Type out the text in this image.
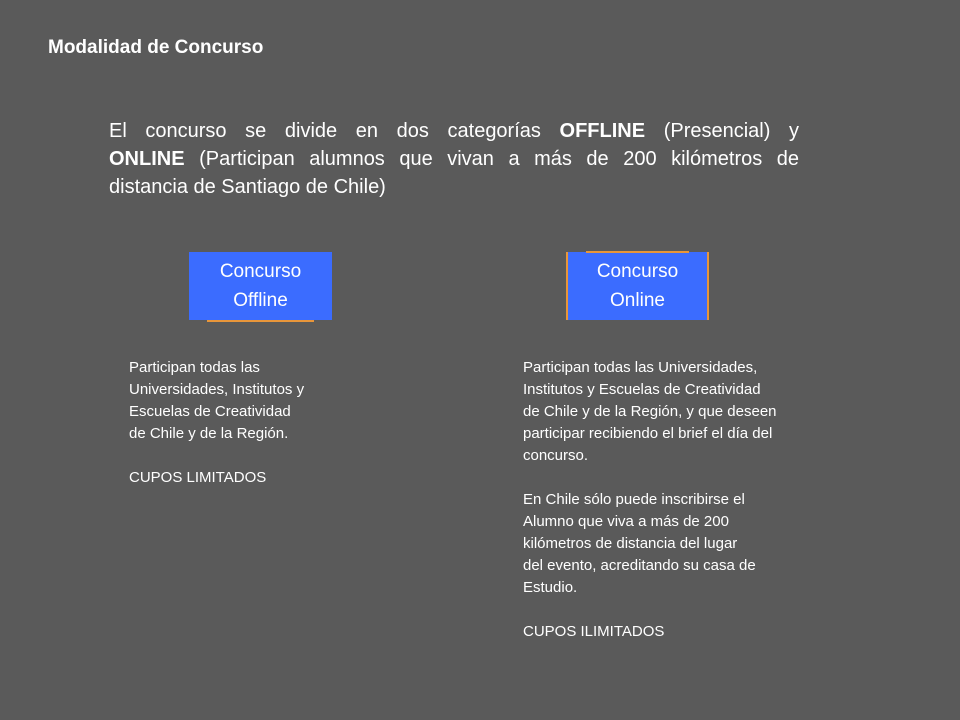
Modalidad de Concurso
El concurso se divide en dos categorías OFFLINE (Presencial) y
ONLINE (Participan alumnos que vivan a más de 200 kilómetros de
distancia de Santiago de Chile)
Concurso
Offline
Concurso
Online

Participan todas las

Universidades, Institutos y

Escuelas de Creatividad

de Chile y de la Región.

CUPOS LIMITADOS

Participan todas las Universidades,

Institutos y Escuelas de Creatividad

de Chile y de la Región, y que deseen

participar recibiendo el brief el día del

concurso.

En Chile sólo puede inscribirse el

Alumno que viva a más de 200

kilómetros de distancia del lugar

del evento, acreditando su casa de

Estudio.

CUPOS ILIMITADOS
